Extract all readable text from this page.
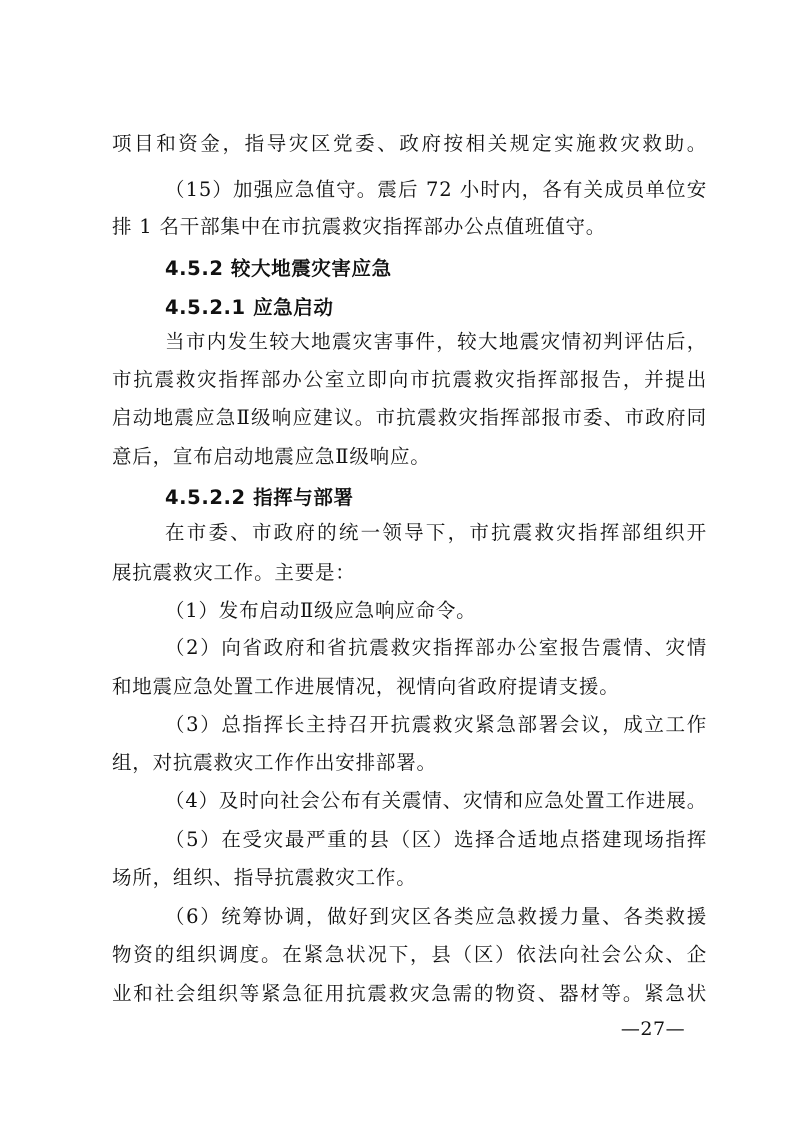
项目和资金，指导灾区党委、政府按相关规定实施救灾救助。
（15）加强应急值守。震后 72 小时内，各有关成员单位安
排 1 名干部集中在市抗震救灾指挥部办公点值班值守。
4.5.2 较大地震灾害应急
4.5.2.1 应急启动
当市内发生较大地震灾害事件，较大地震灾情初判评估后，
市抗震救灾指挥部办公室立即向市抗震救灾指挥部报告，并提出
启动地震应急Ⅱ级响应建议。市抗震救灾指挥部报市委、市政府同
意后，宣布启动地震应急Ⅱ级响应。
4.5.2.2 指挥与部署
在市委、市政府的统一领导下，市抗震救灾指挥部组织开
展抗震救灾工作。主要是：
（1）发布启动Ⅱ级应急响应命令。
（2）向省政府和省抗震救灾指挥部办公室报告震情、灾情
和地震应急处置工作进展情况，视情向省政府提请支援。
（3）总指挥长主持召开抗震救灾紧急部署会议，成立工作
组，对抗震救灾工作作出安排部署。
（4）及时向社会公布有关震情、灾情和应急处置工作进展。
（5）在受灾最严重的县（区）选择合适地点搭建现场指挥
场所，组织、指导抗震救灾工作。
（6）统筹协调，做好到灾区各类应急救援力量、各类救援
物资的组织调度。在紧急状况下，县（区）依法向社会公众、企
业和社会组织等紧急征用抗震救灾急需的物资、器材等。紧急状
—27—
